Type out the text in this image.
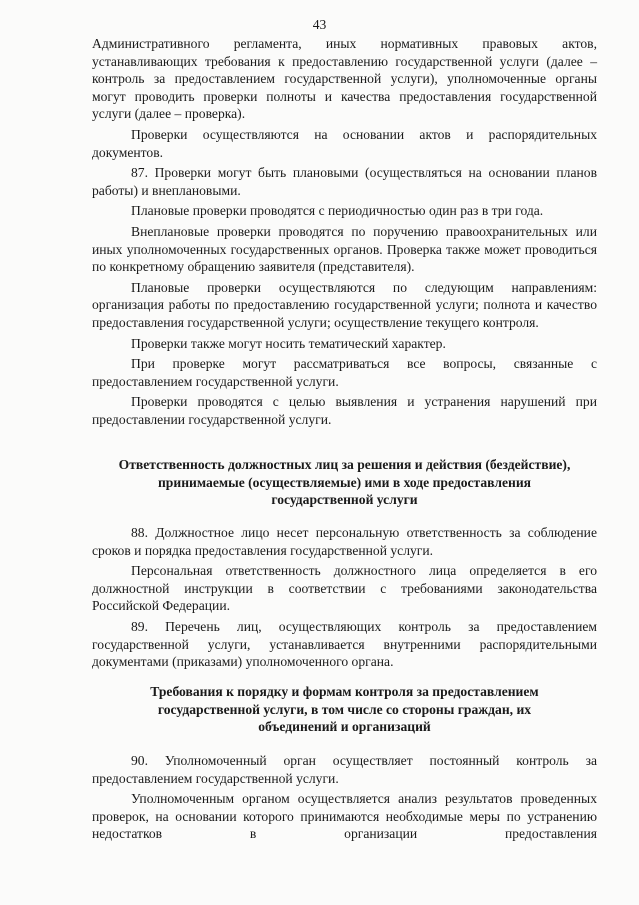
43

Административного регламента, иных нормативных правовых актов, устанавливающих требования к предоставлению государственной услуги (далее – контроль за предоставлением государственной услуги), уполномоченные органы могут проводить проверки полноты и качества предоставления государственной услуги (далее – проверка).

Проверки осуществляются на основании актов и распорядительных документов.

87. Проверки могут быть плановыми (осуществляться на основании планов работы) и внеплановыми.

Плановые проверки проводятся с периодичностью один раз в три года.

Внеплановые проверки проводятся по поручению правоохранительных или иных уполномоченных государственных органов. Проверка также может проводиться по конкретному обращению заявителя (представителя).

Плановые проверки осуществляются по следующим направлениям: организация работы по предоставлению государственной услуги; полнота и качество предоставления государственной услуги; осуществление текущего контроля.

Проверки также могут носить тематический характер.

При проверке могут рассматриваться все вопросы, связанные с предоставлением государственной услуги.

Проверки проводятся с целью выявления и устранения нарушений при предоставлении государственной услуги.

Ответственность должностных лиц за решения и действия (бездействие),
принимаемые (осуществляемые) ими в ходе предоставления
государственной услуги

88. Должностное лицо несет персональную ответственность за соблюдение сроков и порядка предоставления государственной услуги.

Персональная ответственность должностного лица определяется в его должностной инструкции в соответствии с требованиями законодательства Российской Федерации.

89. Перечень лиц, осуществляющих контроль за предоставлением государственной услуги, устанавливается внутренними распорядительными документами (приказами) уполномоченного органа.

Требования к порядку и формам контроля за предоставлением
государственной услуги, в том числе со стороны граждан, их
объединений и организаций

90. Уполномоченный орган осуществляет постоянный контроль за предоставлением государственной услуги.

Уполномоченным органом осуществляется анализ результатов проведенных проверок, на основании которого принимаются необходимые меры по устранению недостатков в организации предоставления
